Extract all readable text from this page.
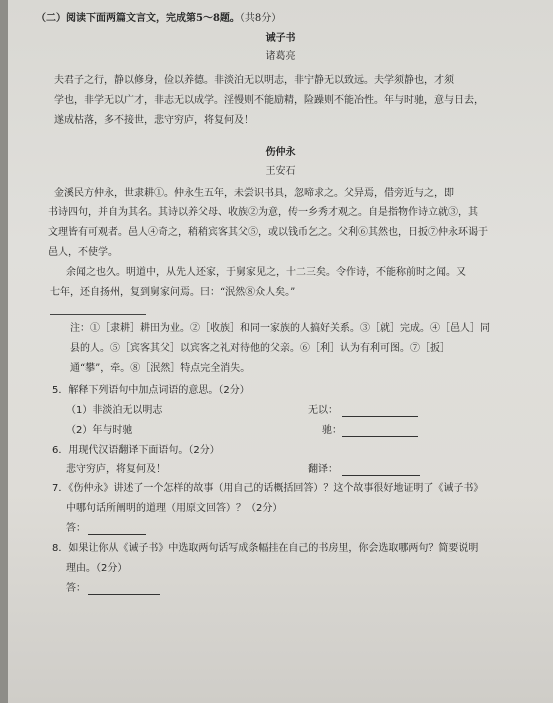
（二）阅读下面两篇文言文，完成第5～8题。（共8分）
诫子书
诸葛亮
夫君子之行，静以修身，俭以养德。非淡泊无以明志，非宁静无以致远。夫学须静也，才须
学也，非学无以广才，非志无以成学。淫慢则不能励精，险躁则不能冶性。年与时驰，意与日去，
遂成枯落，多不接世，悲守穷庐，将复何及！
伤仲永
王安石
金溪民方仲永，世隶耕①。仲永生五年，未尝识书具，忽啼求之。父异焉，借旁近与之，即
书诗四句，并自为其名。其诗以养父母、收族②为意，传一乡秀才观之。自是指物作诗立就③，其
文理皆有可观者。邑人④奇之，稍稍宾客其父⑤，或以钱币乞之。父利⑥其然也，日扳⑦仲永环谒于
邑人，不使学。
余闻之也久。明道中，从先人还家，于舅家见之，十二三矣。令作诗，不能称前时之闻。又
七年，还自扬州，复到舅家问焉。曰：“泯然⑧众人矣。”
注：①［隶耕］耕田为业。②［收族］和同一家族的人搞好关系。③［就］完成。④［邑人］同
县的人。⑤［宾客其父］以宾客之礼对待他的父亲。⑥［利］认为有利可图。⑦［扳］
通“攀”，牵。⑧［泯然］特点完全消失。
5．解释下列语句中加点词语的意思。（2分）
（1）非淡泊无以明志	无以：
（2）年与时驰	驰：
6．用现代汉语翻译下面语句。（2分）
悲守穷庐，将复何及！	翻译：
7．《伤仲永》讲述了一个怎样的故事（用自己的话概括回答）？这个故事很好地证明了《诫子书》
中哪句话所阐明的道理（用原文回答）？（2分）
答：
8．如果让你从《诫子书》中选取两句话写成条幅挂在自己的书房里，你会选取哪两句？简要说明
理由。（2分）
答：
